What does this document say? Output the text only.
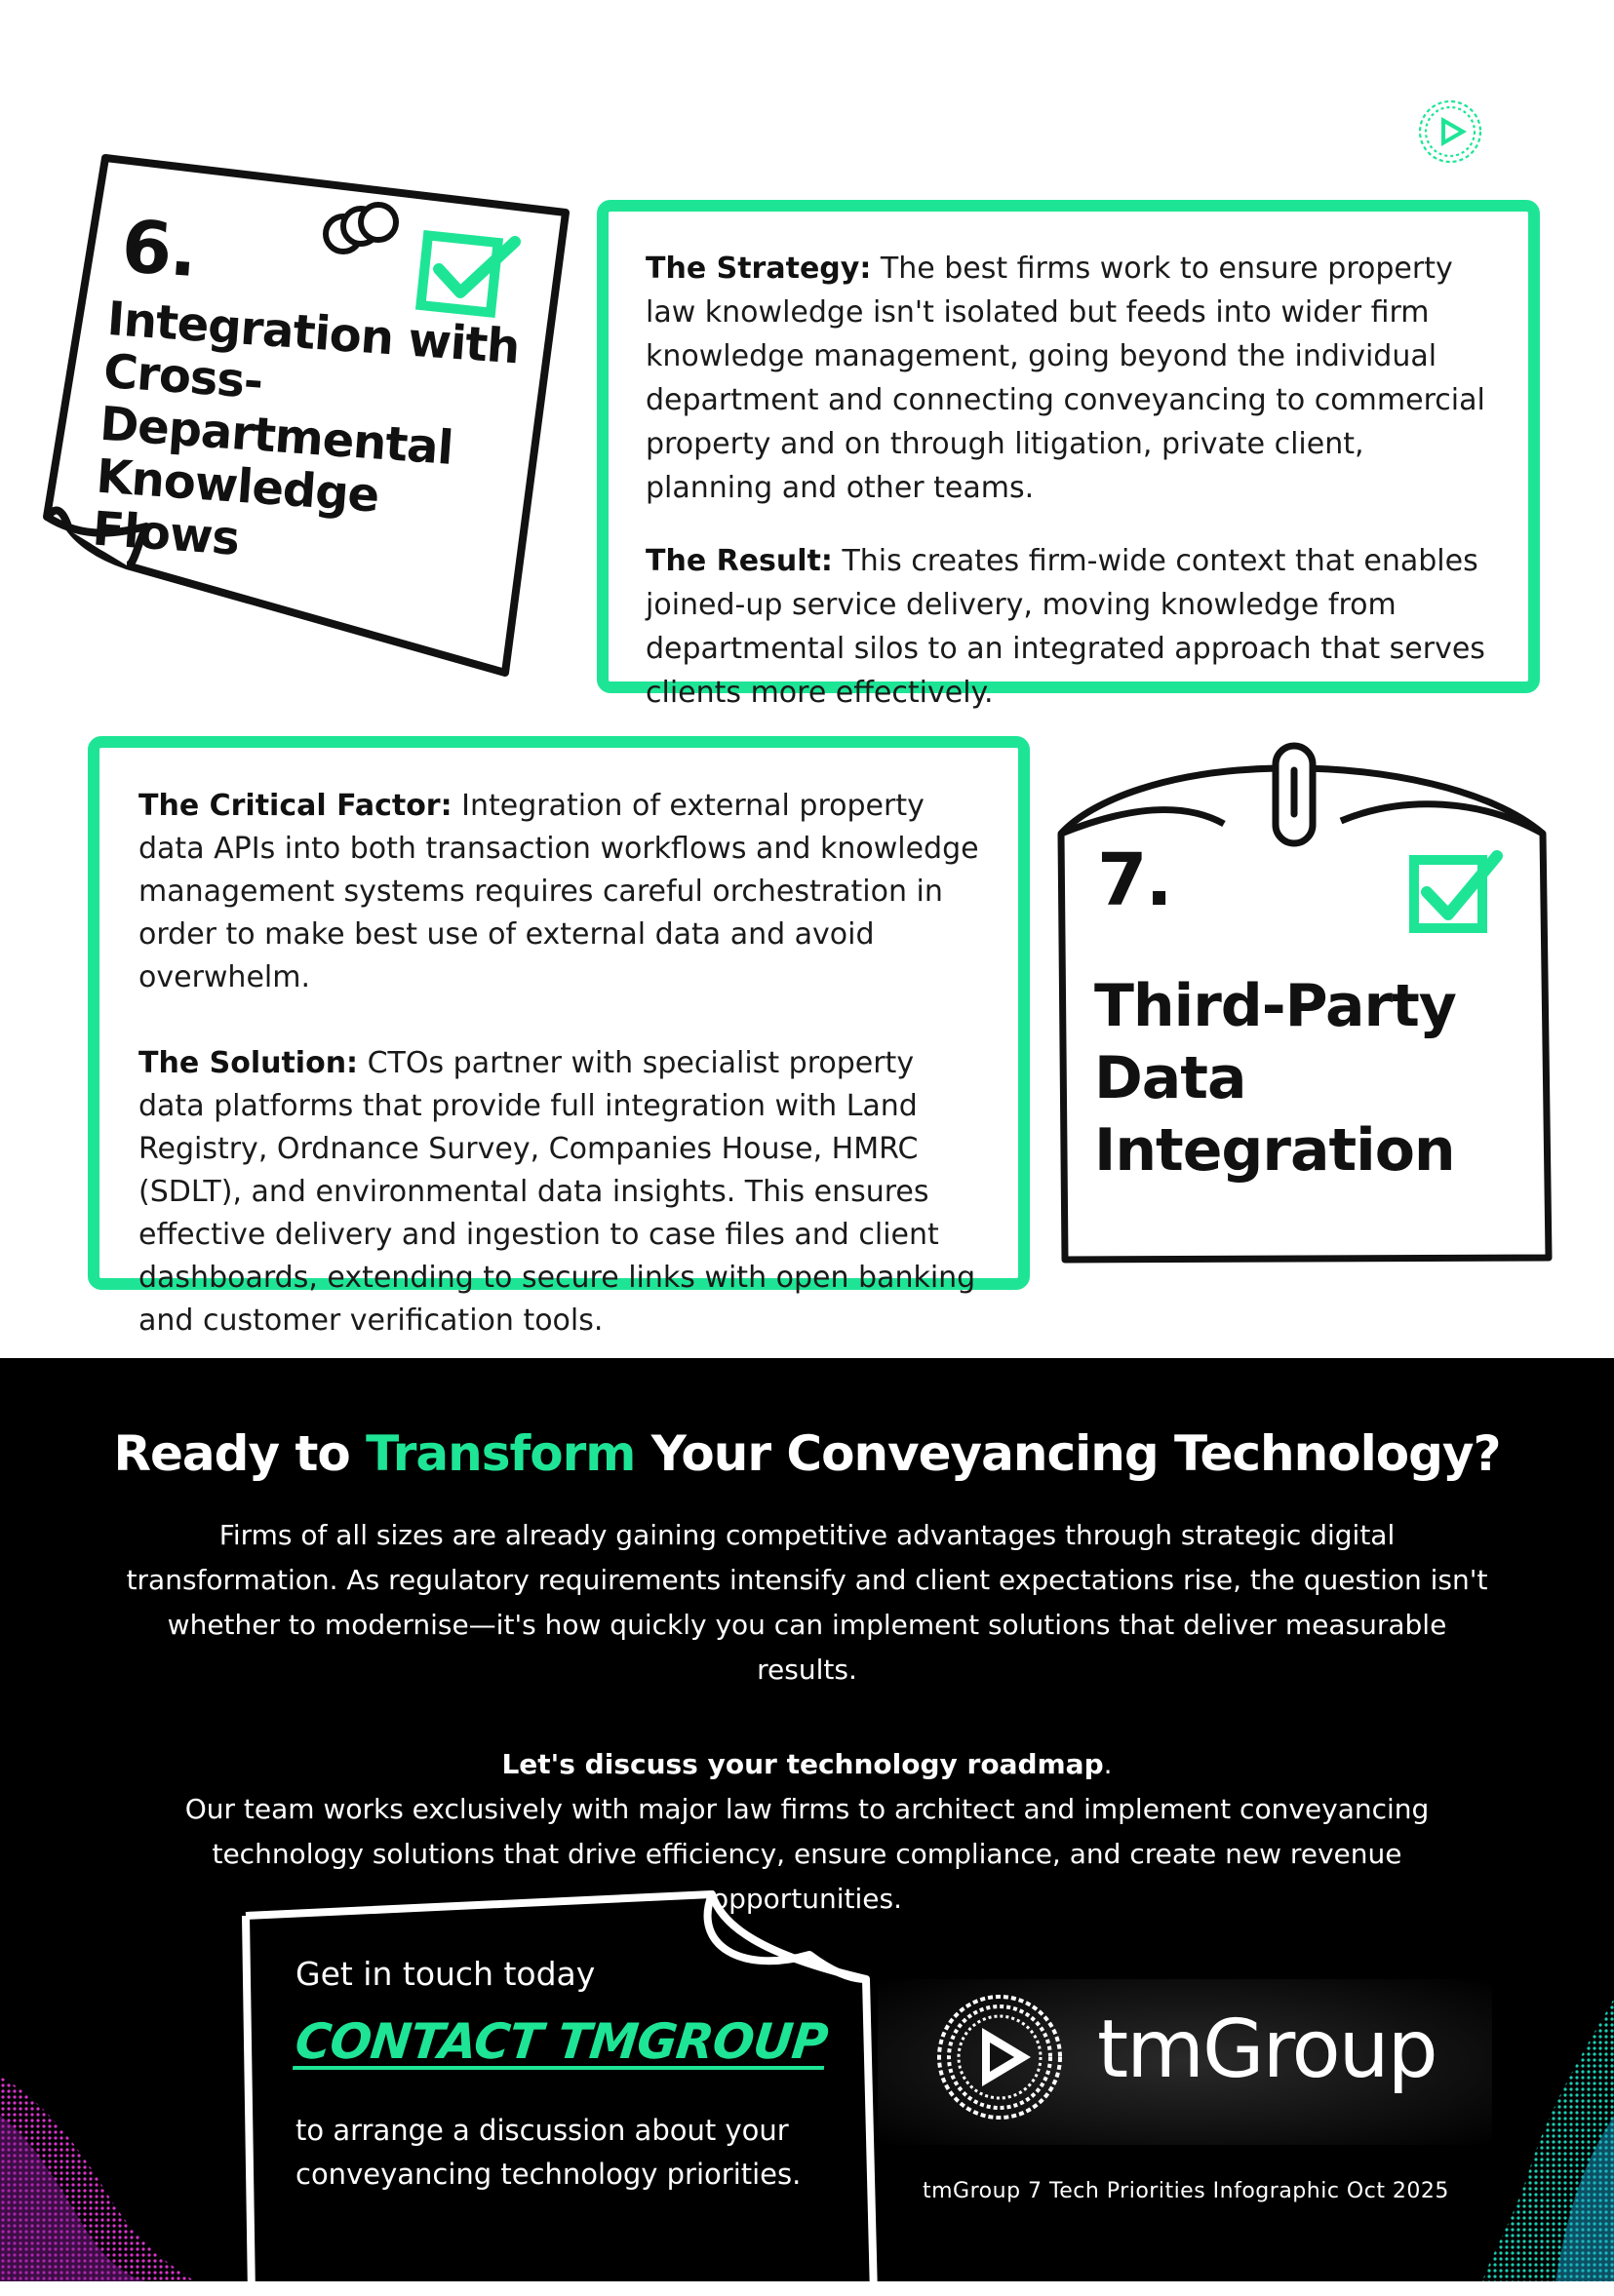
6.
Integration with Cross-Departmental Knowledge Flows

The Strategy: The best firms work to ensure property law knowledge isn't isolated but feeds into wider firm knowledge management, going beyond the individual department and connecting conveyancing to commercial property and on through litigation, private client, planning and other teams.

The Result: This creates firm-wide context that enables joined-up service delivery, moving knowledge from departmental silos to an integrated approach that serves clients more effectively.

The Critical Factor: Integration of external property data APIs into both transaction workflows and knowledge management systems requires careful orchestration in order to make best use of external data and avoid overwhelm.

The Solution: CTOs partner with specialist property data platforms that provide full integration with Land Registry, Ordnance Survey, Companies House, HMRC (SDLT), and environmental data insights. This ensures effective delivery and ingestion to case files and client dashboards, extending to secure links with open banking and customer verification tools.

7.
Third-Party Data Integration
Ready to Transform Your Conveyancing Technology?

Firms of all sizes are already gaining competitive advantages through strategic digital transformation. As regulatory requirements intensify and client expectations rise, the question isn't whether to modernise—it's how quickly you can implement solutions that deliver measurable results.

Let's discuss your technology roadmap.
Our team works exclusively with major law firms to architect and implement conveyancing technology solutions that drive efficiency, ensure compliance, and create new revenue opportunities.
Get in touch today
CONTACT TMGROUP
to arrange a discussion about your conveyancing technology priorities.
tmGroup
tmGroup 7 Tech Priorities Infographic Oct 2025
